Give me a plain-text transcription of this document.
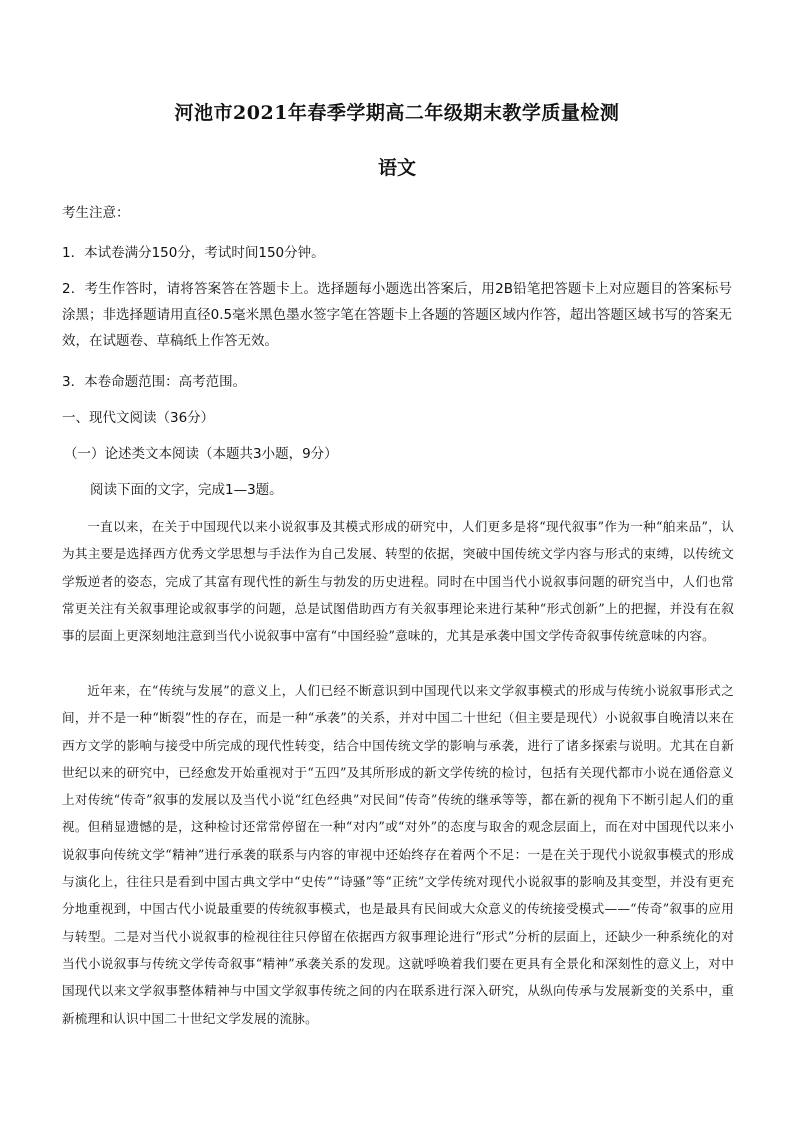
河池市2021年春季学期高二年级期末教学质量检测
语文
考生注意：
1．本试卷满分150分，考试时间150分钟。
2．考生作答时，请将答案答在答题卡上。选择题每小题选出答案后，用2B铅笔把答题卡上对应题目的答案标号涂黑；非选择题请用直径0.5毫米黑色墨水签字笔在答题卡上各题的答题区域内作答，超出答题区域书写的答案无效，在试题卷、草稿纸上作答无效。
3．本卷命题范围：高考范围。
一、现代文阅读（36分）
（一）论述类文本阅读（本题共3小题，9分）
阅读下面的文字，完成1—3题。
一直以来，在关于中国现代以来小说叙事及其模式形成的研究中，人们更多是将“现代叙事”作为一种“舶来品”，认为其主要是选择西方优秀文学思想与手法作为自己发展、转型的依据，突破中国传统文学内容与形式的束缚，以传统文学叛逆者的姿态，完成了其富有现代性的新生与勃发的历史进程。同时在中国当代小说叙事问题的研究当中，人们也常常更关注有关叙事理论或叙事学的问题，总是试图借助西方有关叙事理论来进行某种“形式创新”上的把握，并没有在叙事的层面上更深刻地注意到当代小说叙事中富有“中国经验”意味的，尤其是承袭中国文学传奇叙事传统意味的内容。
近年来，在“传统与发展”的意义上，人们已经不断意识到中国现代以来文学叙事模式的形成与传统小说叙事形式之间，并不是一种“断裂”性的存在，而是一种“承袭”的关系，并对中国二十世纪（但主要是现代）小说叙事自晚清以来在西方文学的影响与接受中所完成的现代性转变，结合中国传统文学的影响与承袭，进行了诸多探索与说明。尤其在自新世纪以来的研究中，已经愈发开始重视对于“五四”及其所形成的新文学传统的检讨，包括有关现代都市小说在通俗意义上对传统“传奇”叙事的发展以及当代小说“红色经典”对民间“传奇”传统的继承等等，都在新的视角下不断引起人们的重视。但稍显遗憾的是，这种检讨还常常停留在一种“对内”或“对外”的态度与取舍的观念层面上，而在对中国现代以来小说叙事向传统文学“精神”进行承袭的联系与内容的审视中还始终存在着两个不足：一是在关于现代小说叙事模式的形成与演化上，往往只是看到中国古典文学中“史传”“诗骚”等“正统”文学传统对现代小说叙事的影响及其变型，并没有更充分地重视到，中国古代小说最重要的传统叙事模式，也是最具有民间或大众意义的传统接受模式——“传奇”叙事的应用与转型。二是对当代小说叙事的检视往往只停留在依据西方叙事理论进行“形式”分析的层面上，还缺少一种系统化的对当代小说叙事与传统文学传奇叙事“精神”承袭关系的发现。这就呼唤着我们要在更具有全景化和深刻性的意义上，对中国现代以来文学叙事整体精神与中国文学叙事传统之间的内在联系进行深入研究，从纵向传承与发展新变的关系中，重新梳理和认识中国二十世纪文学发展的流脉。
